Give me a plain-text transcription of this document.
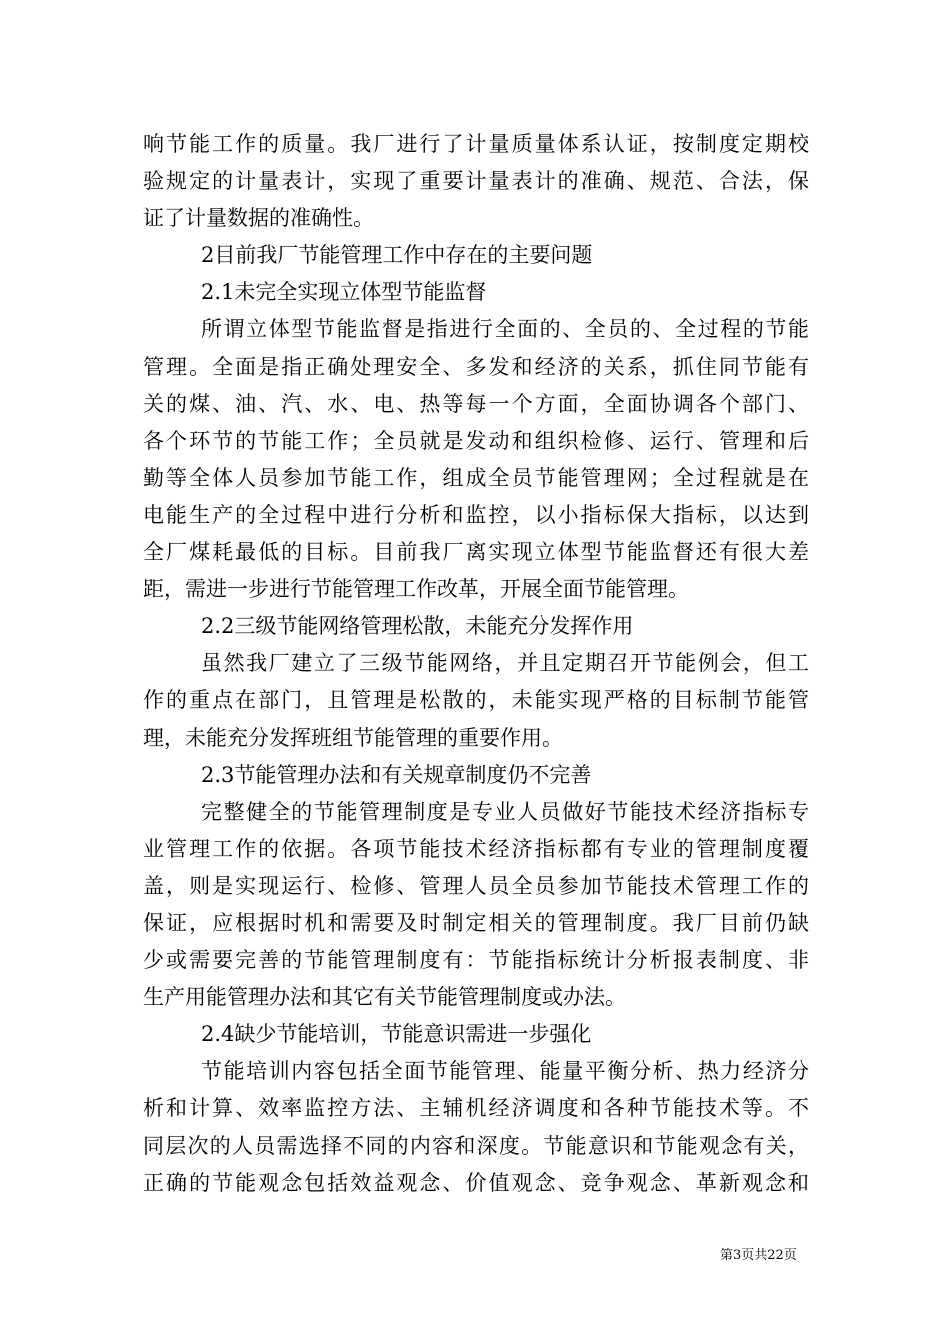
响节能工作的质量。我厂进行了计量质量体系认证，按制度定期校
验规定的计量表计，实现了重要计量表计的准确、规范、合法，保
证了计量数据的准确性。
2目前我厂节能管理工作中存在的主要问题
2.1未完全实现立体型节能监督
所谓立体型节能监督是指进行全面的、全员的、全过程的节能
管理。全面是指正确处理安全、多发和经济的关系，抓住同节能有
关的煤、油、汽、水、电、热等每一个方面，全面协调各个部门、
各个环节的节能工作；全员就是发动和组织检修、运行、管理和后
勤等全体人员参加节能工作，组成全员节能管理网；全过程就是在
电能生产的全过程中进行分析和监控，以小指标保大指标，以达到
全厂煤耗最低的目标。目前我厂离实现立体型节能监督还有很大差
距，需进一步进行节能管理工作改革，开展全面节能管理。
2.2三级节能网络管理松散，未能充分发挥作用
虽然我厂建立了三级节能网络，并且定期召开节能例会，但工
作的重点在部门，且管理是松散的，未能实现严格的目标制节能管
理，未能充分发挥班组节能管理的重要作用。
2.3节能管理办法和有关规章制度仍不完善
完整健全的节能管理制度是专业人员做好节能技术经济指标专
业管理工作的依据。各项节能技术经济指标都有专业的管理制度覆
盖，则是实现运行、检修、管理人员全员参加节能技术管理工作的
保证，应根据时机和需要及时制定相关的管理制度。我厂目前仍缺
少或需要完善的节能管理制度有：节能指标统计分析报表制度、非
生产用能管理办法和其它有关节能管理制度或办法。
2.4缺少节能培训，节能意识需进一步强化
节能培训内容包括全面节能管理、能量平衡分析、热力经济分
析和计算、效率监控方法、主辅机经济调度和各种节能技术等。不
同层次的人员需选择不同的内容和深度。节能意识和节能观念有关，
正确的节能观念包括效益观念、价值观念、竞争观念、革新观念和
第3页共22页
